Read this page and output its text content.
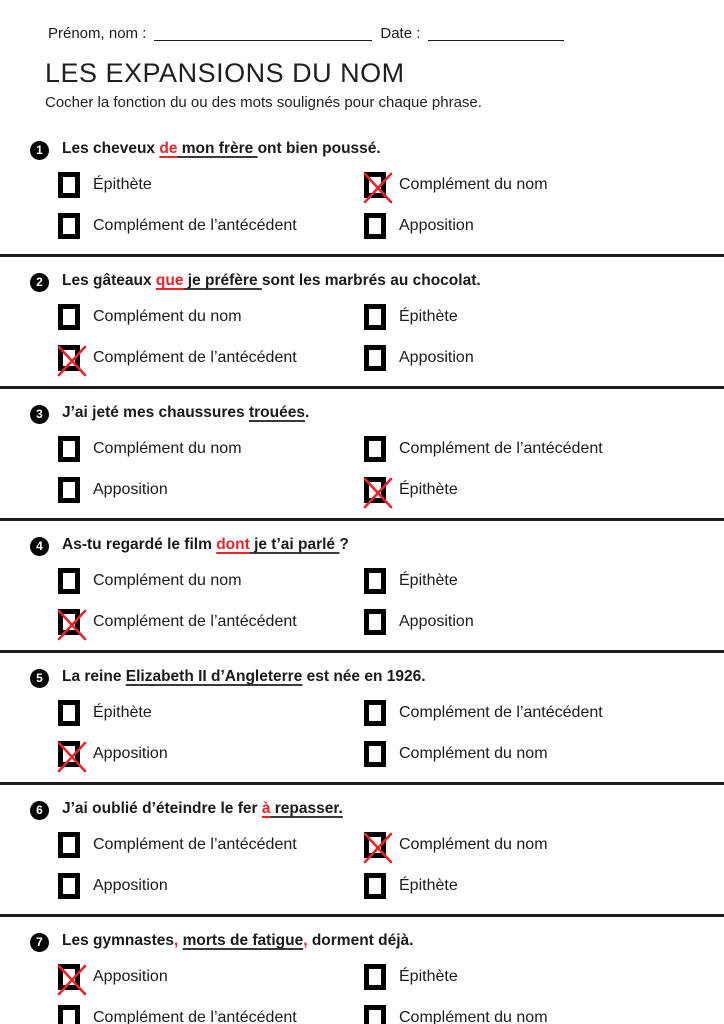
Prénom, nom :	Date :
LES EXPANSIONS DU NOM
Cocher la fonction du ou des mots soulignés pour chaque phrase.
1	Les cheveux de mon frère ont bien poussé.
Épithète	Complément du nom
Complément de l’antécédent	Apposition
2	Les gâteaux que je préfère sont les marbrés au chocolat.
Complément du nom	Épithète
Complément de l’antécédent	Apposition
3	J’ai jeté mes chaussures trouées.
Complément du nom	Complément de l’antécédent
Apposition	Épithète
4	As-tu regardé le film dont je t’ai parlé ?
Complément du nom	Épithète
Complément de l’antécédent	Apposition
5	La reine Elizabeth II d’Angleterre est née en 1926.
Épithète	Complément de l’antécédent
Apposition	Complément du nom
6	J’ai oublié d’éteindre le fer à repasser.
Complément de l’antécédent	Complément du nom
Apposition	Épithète
7	Les gymnastes, morts de fatigue, dorment déjà.
Apposition	Épithète
Complément de l’antécédent	Complément du nom
